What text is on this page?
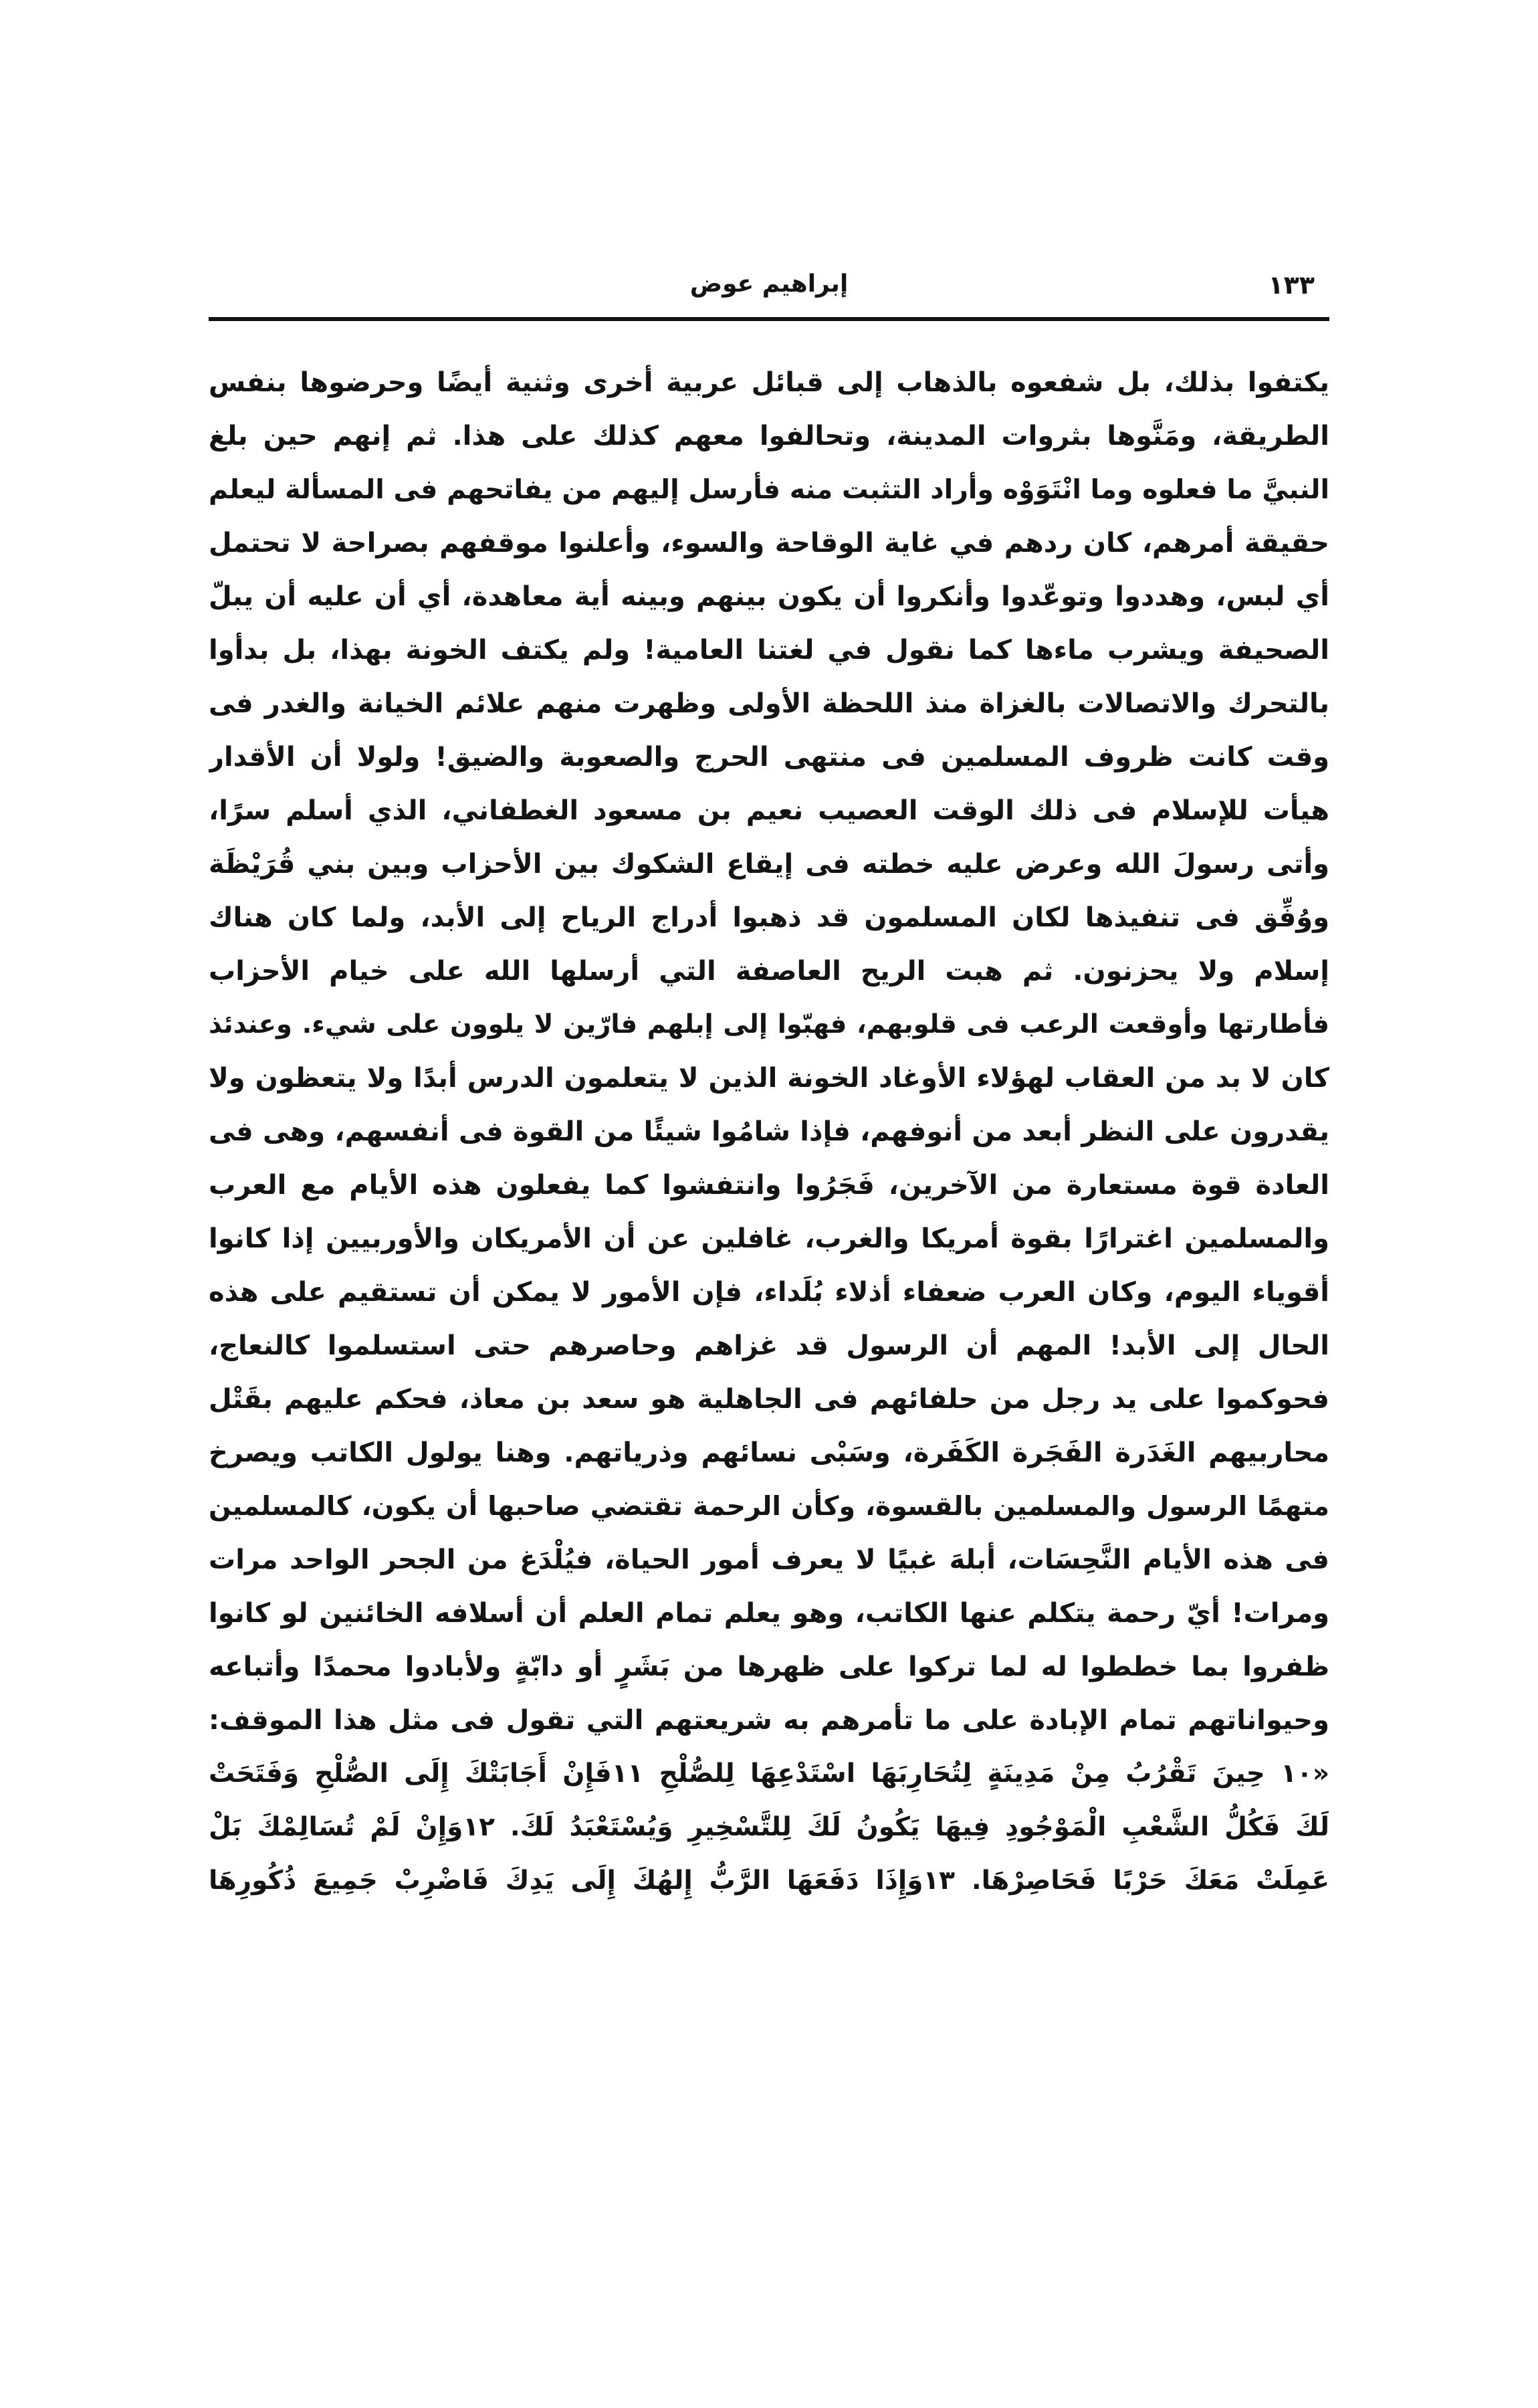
إبراهيم عوض	١٣٣
يكتفوا بذلك، بل شفعوه بالذهاب إلى قبائل عربية أخرى وثنية أيضًا وحرضوها بنفس
الطريقة، ومَنَّوها بثروات المدينة، وتحالفوا معهم كذلك على هذا. ثم إنهم حين بلغ
النبيَّ ما فعلوه وما انْتَوَوْه وأراد التثبت منه فأرسل إليهم من يفاتحهم فى المسألة ليعلم
حقيقة أمرهم، كان ردهم في غاية الوقاحة والسوء، وأعلنوا موقفهم بصراحة لا تحتمل
أي لبس، وهددوا وتوعّدوا وأنكروا أن يكون بينهم وبينه أية معاهدة، أي أن عليه أن يبلّ
الصحيفة ويشرب ماءها كما نقول في لغتنا العامية! ولم يكتف الخونة بهذا، بل بدأوا
بالتحرك والاتصالات بالغزاة منذ اللحظة الأولى وظهرت منهم علائم الخيانة والغدر فى
وقت كانت ظروف المسلمين فى منتهى الحرج والصعوبة والضيق! ولولا أن الأقدار
هيأت للإسلام فى ذلك الوقت العصيب نعيم بن مسعود الغطفاني، الذي أسلم سرًا،
وأتى رسولَ الله وعرض عليه خطته فى إيقاع الشكوك بين الأحزاب وبين بني قُرَيْظَة
ووُفِّق فى تنفيذها لكان المسلمون قد ذهبوا أدراج الرياح إلى الأبد، ولما كان هناك
إسلام ولا يحزنون. ثم هبت الريح العاصفة التي أرسلها الله على خيام الأحزاب
فأطارتها وأوقعت الرعب فى قلوبهم، فهبّوا إلى إبلهم فارّين لا يلوون على شيء. وعندئذ
كان لا بد من العقاب لهؤلاء الأوغاد الخونة الذين لا يتعلمون الدرس أبدًا ولا يتعظون ولا
يقدرون على النظر أبعد من أنوفهم، فإذا شامُوا شيئًا من القوة فى أنفسهم، وهى فى
العادة قوة مستعارة من الآخرين، فَجَرُوا وانتفشوا كما يفعلون هذه الأيام مع العرب
والمسلمين اغترارًا بقوة أمريكا والغرب، غافلين عن أن الأمريكان والأوربيين إذا كانوا
أقوياء اليوم، وكان العرب ضعفاء أذلاء بُلَداء، فإن الأمور لا يمكن أن تستقيم على هذه
الحال إلى الأبد! المهم أن الرسول قد غزاهم وحاصرهم حتى استسلموا كالنعاج،
فحوكموا على يد رجل من حلفائهم فى الجاهلية هو سعد بن معاذ، فحكم عليهم بقَتْل
محاربيهم الغَدَرة الفَجَرة الكَفَرة، وسَبْى نسائهم وذرياتهم. وهنا يولول الكاتب ويصرخ
متهمًا الرسول والمسلمين بالقسوة، وكأن الرحمة تقتضي صاحبها أن يكون، كالمسلمين
فى هذه الأيام النَّحِسَات، أبلهَ غبيًا لا يعرف أمور الحياة، فيُلْدَغ من الجحر الواحد مرات
ومرات! أيّ رحمة يتكلم عنها الكاتب، وهو يعلم تمام العلم أن أسلافه الخائنين لو كانوا
ظفروا بما خططوا له لما تركوا على ظهرها من بَشَرٍ أو دابّةٍ ولأبادوا محمدًا وأتباعه
وحيواناتهم تمام الإبادة على ما تأمرهم به شريعتهم التي تقول فى مثل هذا الموقف:
«١٠ حِينَ تَقْرُبُ مِنْ مَدِينَةٍ لِتُحَارِبَهَا اسْتَدْعِهَا لِلصُّلْحِ ١١فَإِنْ أَجَابَتْكَ إِلَى الصُّلْحِ وَفَتَحَتْ
لَكَ فَكُلُّ الشَّعْبِ الْمَوْجُودِ فِيهَا يَكُونُ لَكَ لِلتَّسْخِيرِ وَيُسْتَعْبَدُ لَكَ. ١٢وَإِنْ لَمْ تُسَالِمْكَ بَلْ
عَمِلَتْ مَعَكَ حَرْبًا فَحَاصِرْهَا. ١٣وَإِذَا دَفَعَهَا الرَّبُّ إِلهُكَ إِلَى يَدِكَ فَاضْرِبْ جَمِيعَ ذُكُورِهَا
